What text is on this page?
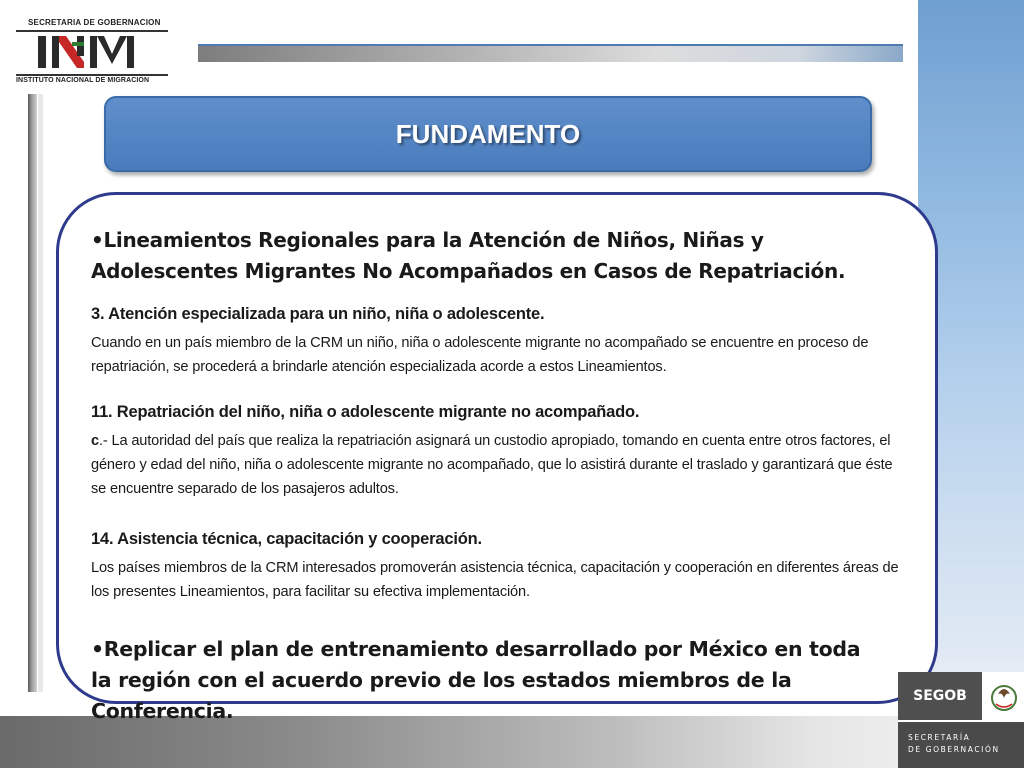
SECRETARIA DE GOBERNACION
INSTITUTO NACIONAL DE MIGRACION
FUNDAMENTO
•Lineamientos Regionales para la Atención de Niños, Niñas y Adolescentes Migrantes No Acompañados en Casos de Repatriación.
3. Atención especializada para un niño, niña o adolescente.
Cuando en un país miembro de la CRM un niño, niña o adolescente migrante no acompañado se encuentre en proceso de repatriación, se procederá a brindarle atención especializada acorde a estos Lineamientos.
11. Repatriación del niño, niña o adolescente migrante no acompañado.
c.- La autoridad del país que realiza la repatriación asignará un custodio apropiado, tomando en cuenta entre otros factores, el género y edad del niño, niña o adolescente migrante no acompañado, que lo asistirá durante el traslado y garantizará que éste se encuentre separado de los pasajeros adultos.
14. Asistencia técnica, capacitación y cooperación.
Los países miembros de la CRM interesados promoverán asistencia técnica, capacitación y cooperación en diferentes áreas de los presentes Lineamientos, para facilitar su efectiva implementación.
•Replicar el plan de entrenamiento desarrollado por México en toda la región con el acuerdo previo de los estados miembros de la Conferencia.
SEGOB
SECRETARÍA
DE GOBERNACIÓN
